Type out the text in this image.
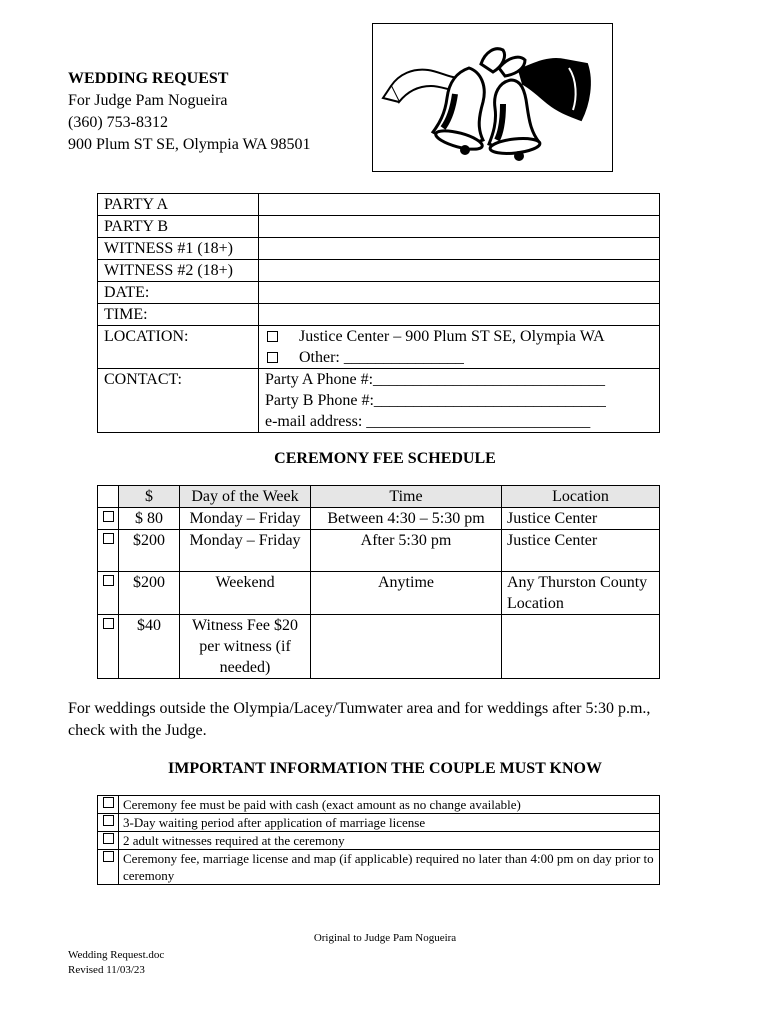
WEDDING REQUEST
For Judge Pam Nogueira
(360) 753-8312
900 Plum ST SE, Olympia WA 98501
PARTY A	
PARTY B	
WITNESS #1 (18+)	
WITNESS #2 (18+)	
DATE:	
TIME:	
LOCATION:	Justice Center – 900 Plum ST SE, Olympia WA
Other: _______________

CONTACT:	Party A Phone #:_____________________________
Party B Phone #:_____________________________
e-mail address: ____________________________
CEREMONY FEE SCHEDULE
	$	Day of the Week	Time	Location
	$ 80	Monday – Friday	Between 4:30 – 5:30 pm	Justice Center
	$200	Monday – Friday	After 5:30 pm	Justice Center
	$200	Weekend	Anytime	Any Thurston County Location
	$40	Witness Fee $20 per witness (if needed)		
For weddings outside the Olympia/Lacey/Tumwater area and for weddings after 5:30 p.m., check with the Judge.
IMPORTANT INFORMATION THE COUPLE MUST KNOW
	Ceremony fee must be paid with cash (exact amount as no change available)
	3-Day waiting period after application of marriage license
	2 adult witnesses required at the ceremony
	Ceremony fee, marriage license and map (if applicable) required no later than 4:00 pm on day prior to ceremony
Original to Judge Pam Nogueira
Wedding Request.doc
Revised 11/03/23
